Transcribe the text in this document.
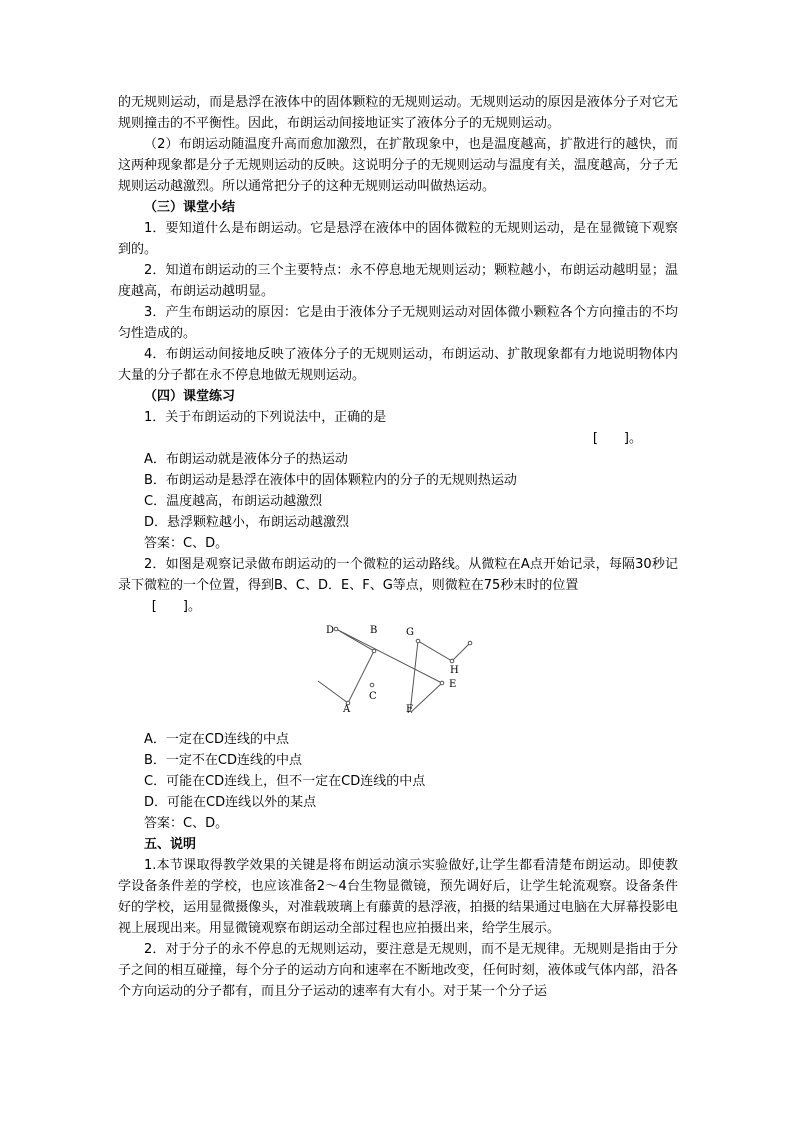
的无规则运动，而是悬浮在液体中的固体颗粒的无规则运动。无规则运动的原因是液体分子对它无规则撞击的不平衡性。因此，布朗运动间接地证实了液体分子的无规则运动。

（2）布朗运动随温度升高而愈加激烈，在扩散现象中，也是温度越高，扩散进行的越快，而这两种现象都是分子无规则运动的反映。这说明分子的无规则运动与温度有关，温度越高，分子无规则运动越激烈。所以通常把分子的这种无规则运动叫做热运动。

（三）课堂小结

1．要知道什么是布朗运动。它是悬浮在液体中的固体微粒的无规则运动，是在显微镜下观察到的。

2．知道布朗运动的三个主要特点：永不停息地无规则运动；颗粒越小，布朗运动越明显；温度越高，布朗运动越明显。

3．产生布朗运动的原因：它是由于液体分子无规则运动对固体微小颗粒各个方向撞击的不均匀性造成的。

4．布朗运动间接地反映了液体分子的无规则运动，布朗运动、扩散现象都有力地说明物体内大量的分子都在永不停息地做无规则运动。

（四）课堂练习

1．关于布朗运动的下列说法中，正确的是

[　　]。

A．布朗运动就是液体分子的热运动

B．布朗运动是悬浮在液体中的固体颗粒内的分子的无规则热运动

C．温度越高，布朗运动越激烈

D．悬浮颗粒越小，布朗运动越激烈

答案：C、D。

2．如图是观察记录做布朗运动的一个微粒的运动路线。从微粒在A点开始记录，每隔30秒记录下微粒的一个位置，得到B、C、D．E、F、G等点，则微粒在75秒末时的位置

[　　]。

D	B	G
H
C
E
A	F

A．一定在CD连线的中点

B．一定不在CD连线的中点

C．可能在CD连线上，但不一定在CD连线的中点

D．可能在CD连线以外的某点

答案：C、D。

五、说明

1.本节课取得教学效果的关键是将布朗运动演示实验做好,让学生都看清楚布朗运动。即使教学设备条件差的学校，也应该准备2～4台生物显微镜，预先调好后，让学生轮流观察。设备条件好的学校，运用显微摄像头，对准载玻璃上有藤黄的悬浮液，拍摄的结果通过电脑在大屏幕投影电视上展现出来。用显微镜观察布朗运动全部过程也应拍摄出来，给学生展示。

2．对于分子的永不停息的无规则运动，要注意是无规则，而不是无规律。无规则是指由于分子之间的相互碰撞，每个分子的运动方向和速率在不断地改变，任何时刻，液体或气体内部，沿各个方向运动的分子都有，而且分子运动的速率有大有小。对于某一个分子运
